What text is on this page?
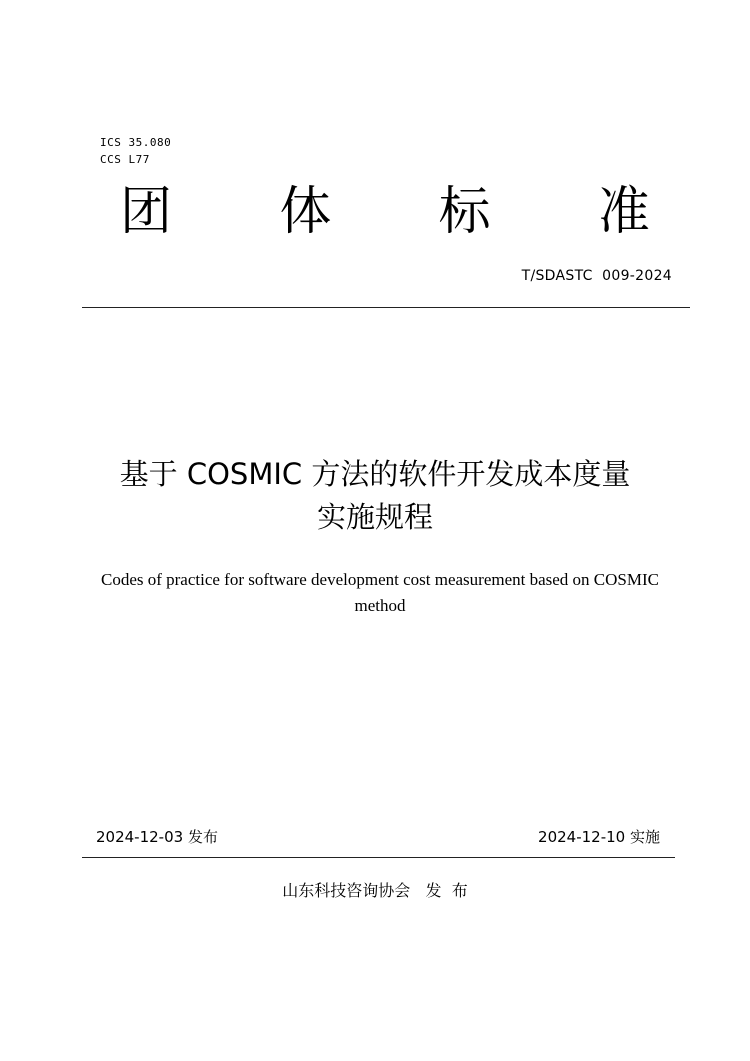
ICS 35.080
CCS L77
团 体 标 准
T/SDASTC  009-2024
基于 COSMIC 方法的软件开发成本度量
实施规程
Codes of practice for software development cost measurement based on COSMIC
method
2024-12-03 发布	2024-12-10 实施
山东科技咨询协会   发  布
